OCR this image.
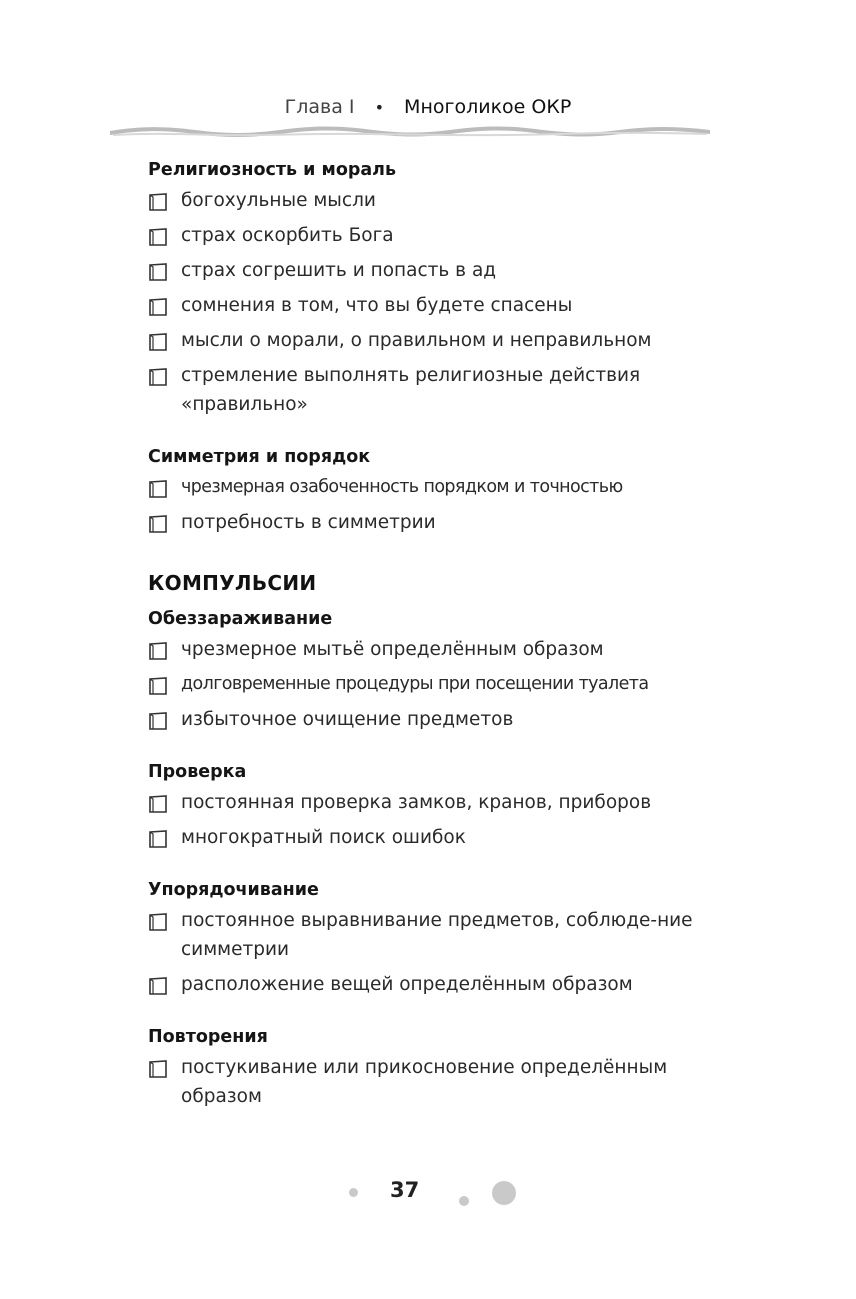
Глава I • Многоликое ОКР
Религиозность и мораль
богохульные мысли
страх оскорбить Бога
страх согрешить и попасть в ад
сомнения в том, что вы будете спасены
мысли о морали, о правильном и неправильном
стремление выполнять религиозные действия «правильно»
Симметрия и порядок
чрезмерная озабоченность порядком и точностью
потребность в симметрии
КОМПУЛЬСИИ
Обеззараживание
чрезмерное мытьё определённым образом
долговременные процедуры при посещении туалета
избыточное очищение предметов
Проверка
постоянная проверка замков, кранов, приборов
многократный поиск ошибок
Упорядочивание
постоянное выравнивание предметов, соблюде-ние симметрии
расположение вещей определённым образом
Повторения
постукивание или прикосновение определённым образом
37
